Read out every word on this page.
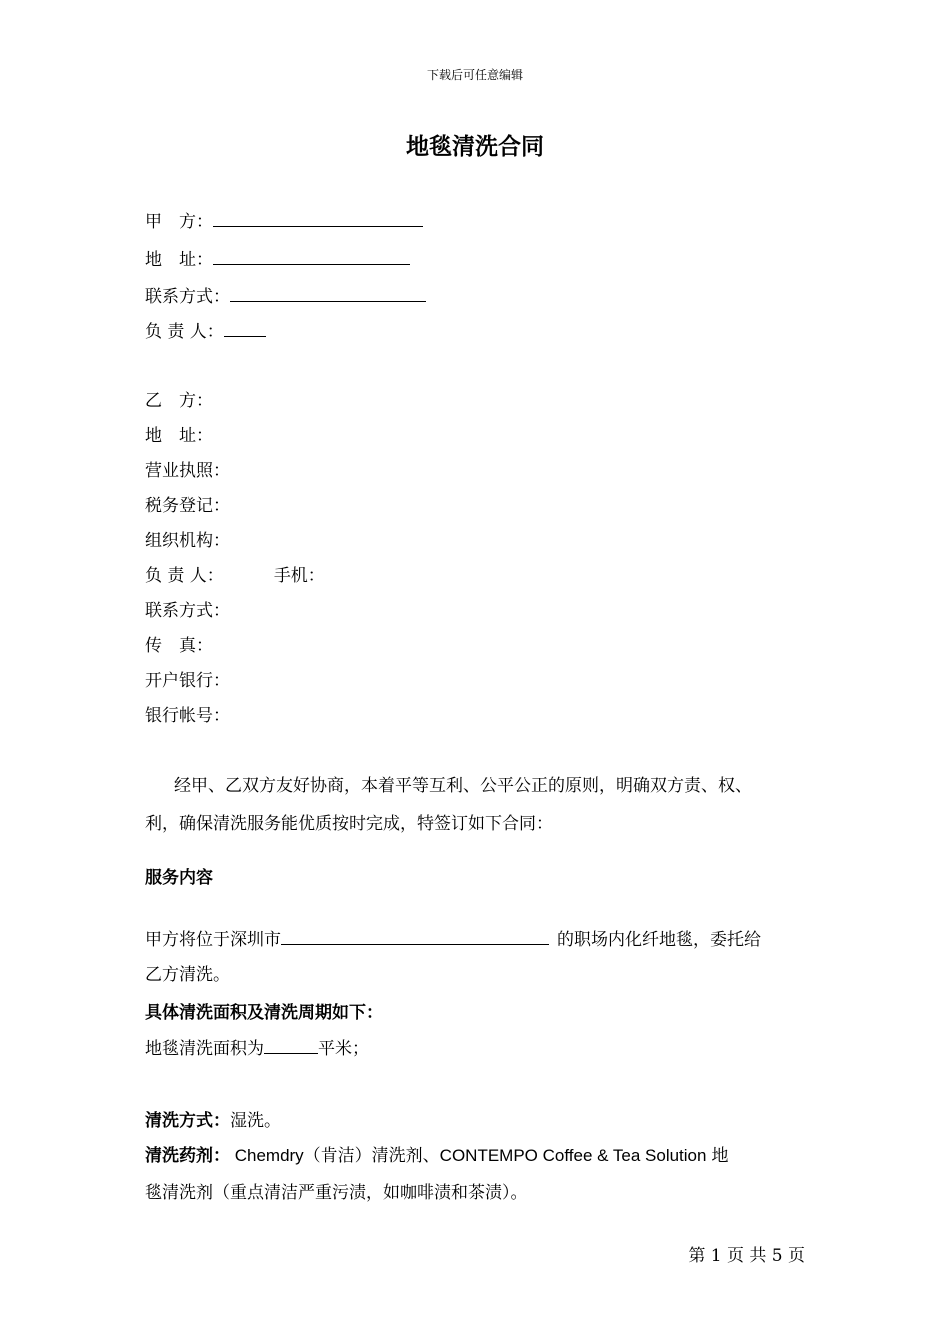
下载后可任意编辑
地毯清洗合同
甲　方：
地　址：
联系方式：
负 责 人：
乙　方：
地　址：
营业执照：
税务登记：
组织机构：
负 责 人：	手机：
联系方式：
传　真：
开户银行：
银行帐号：
经甲、乙双方友好协商，本着平等互利、公平公正的原则，明确双方责、权、
利，确保清洗服务能优质按时完成，特签订如下合同：
服务内容
甲方将位于深圳市	的职场内化纤地毯，委托给
乙方清洗。
具体清洗面积及清洗周期如下：
地毯清洗面积为	平米；
清洗方式：湿洗。
清洗药剂： Chemdry（肯洁）清洗剂、CONTEMPO Coffee & Tea Solution 地
毯清洗剂（重点清洁严重污渍，如咖啡渍和茶渍）。
第 1 页 共 5 页
